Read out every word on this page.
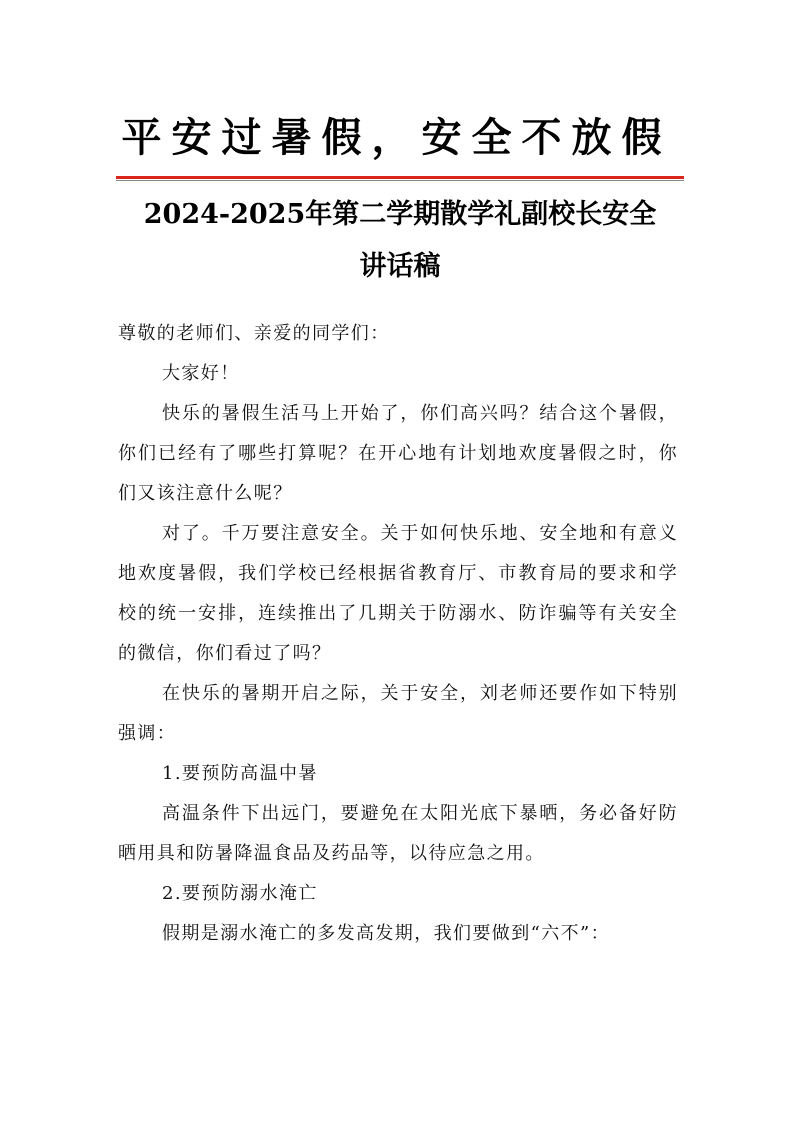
平安过暑假，安全不放假
2024-2025年第二学期散学礼副校长安全
讲话稿

尊敬的老师们、亲爱的同学们：

大家好！

快乐的暑假生活马上开始了，你们高兴吗？结合这个暑假，你们已经有了哪些打算呢？在开心地有计划地欢度暑假之时，你们又该注意什么呢？

对了。千万要注意安全。关于如何快乐地、安全地和有意义地欢度暑假，我们学校已经根据省教育厅、市教育局的要求和学校的统一安排，连续推出了几期关于防溺水、防诈骗等有关安全的微信，你们看过了吗？

在快乐的暑期开启之际，关于安全，刘老师还要作如下特别强调：

1.要预防高温中暑

高温条件下出远门，要避免在太阳光底下暴晒，务必备好防晒用具和防暑降温食品及药品等，以待应急之用。

2.要预防溺水淹亡

假期是溺水淹亡的多发高发期，我们要做到“六不”：
